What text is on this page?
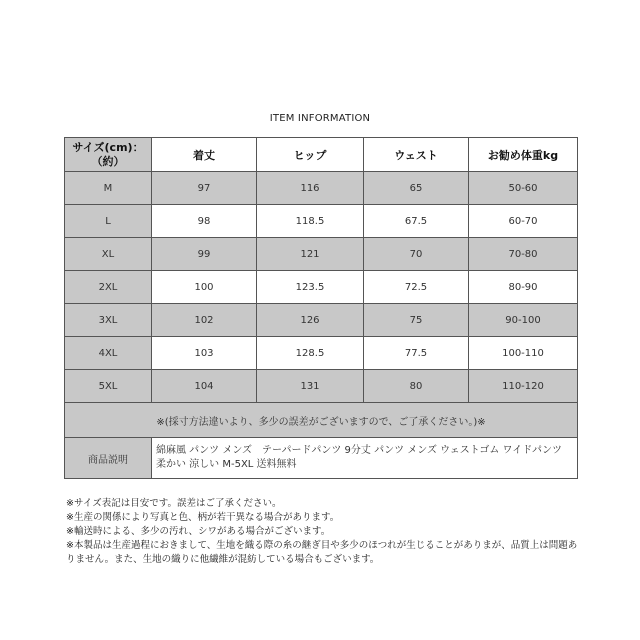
ITEM INFORMATION
サイズ(cm)：（約）	着丈	ヒップ	ウェスト	お勧め体重kg
M	97	116	65	50-60
L	98	118.5	67.5	60-70
XL	99	121	70	70-80
2XL	100	123.5	72.5	80-90
3XL	102	126	75	90-100
4XL	103	128.5	77.5	100-110
5XL	104	131	80	110-120
※(採寸方法違いより、多少の誤差がございますので、ご了承ください。)※				
商品説明	綿麻風 パンツ メンズ　テーパードパンツ 9分丈 パンツ メンズ ウェストゴム ワイドパンツ 柔かい 涼しい M-5XL 送料無料			
※サイズ表記は目安です。誤差はご了承ください。
※生産の関係により写真と色、柄が若干異なる場合があります。
※輸送時による、多少の汚れ、シワがある場合がございます。
※本製品は生産過程におきまして、生地を織る際の糸の継ぎ目や多少のほつれが生じることがありまが、品質上は問題ありません。また、生地の織りに他繊維が混紡している場合もございます。
